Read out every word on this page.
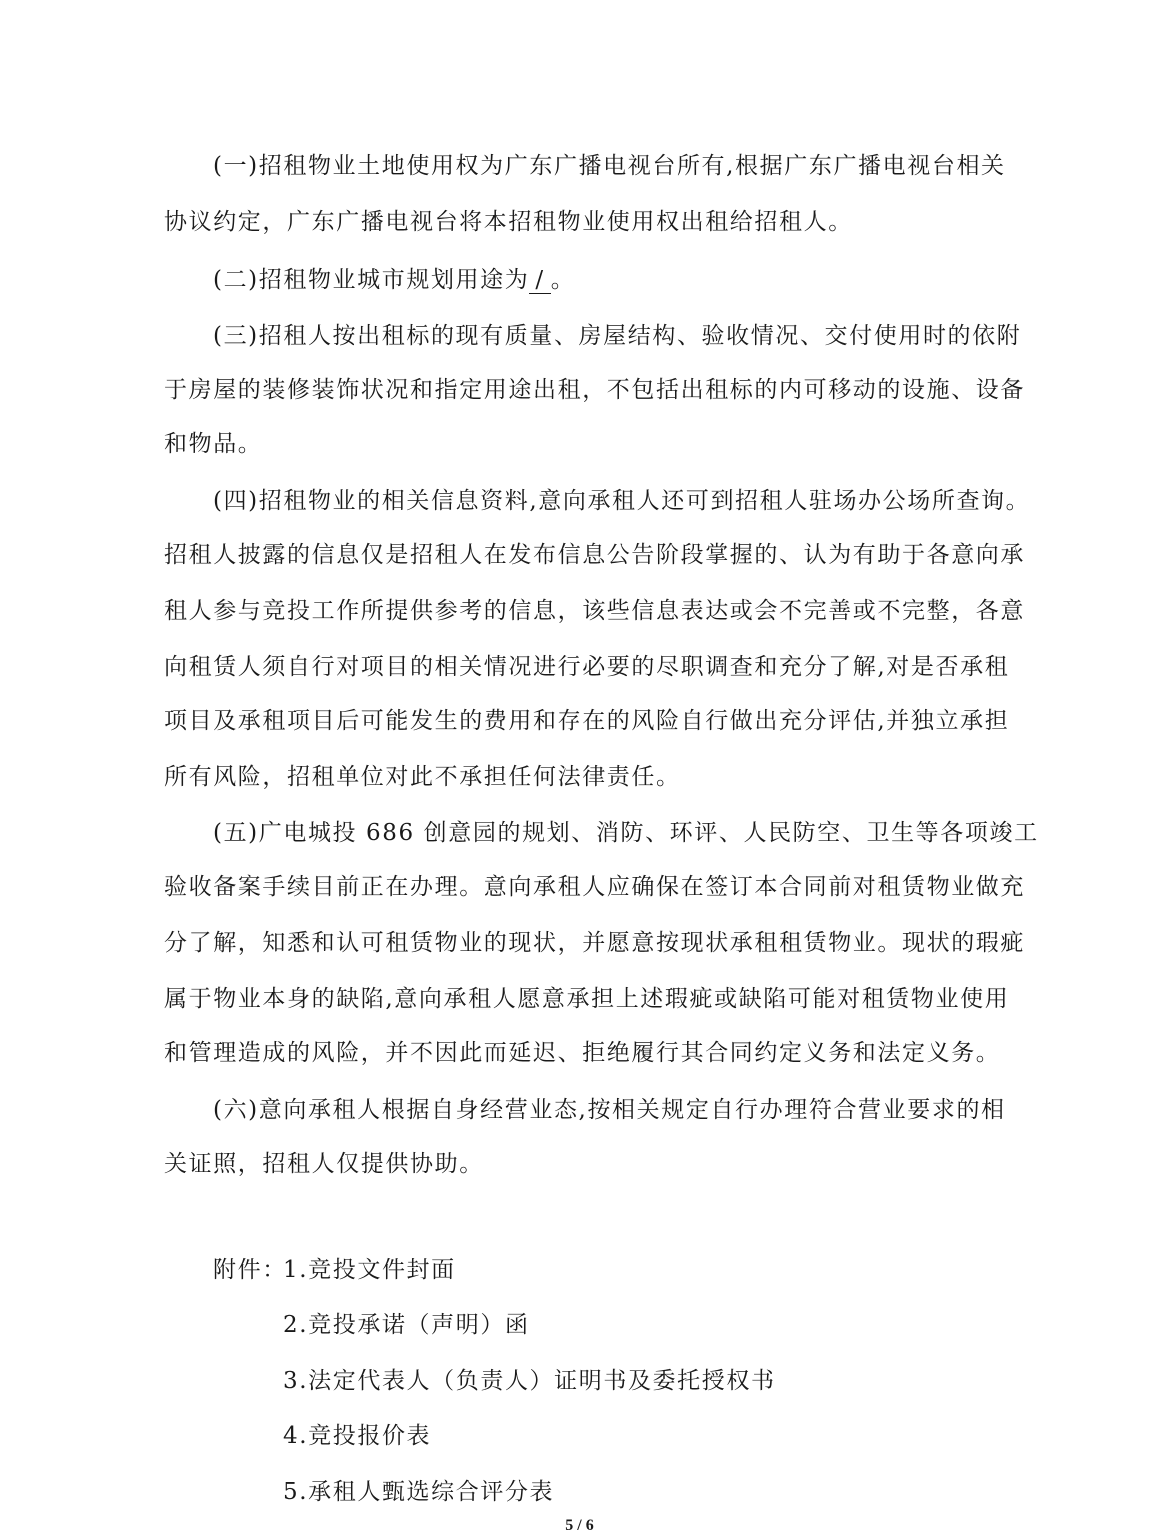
(一)招租物业土地使用权为广东广播电视台所有,根据广东广播电视台相关
协议约定，广东广播电视台将本招租物业使用权出租给招租人。
(二)招租物业城市规划用途为 / 。
(三)招租人按出租标的现有质量、房屋结构、验收情况、交付使用时的依附
于房屋的装修装饰状况和指定用途出租，不包括出租标的内可移动的设施、设备
和物品。
(四)招租物业的相关信息资料,意向承租人还可到招租人驻场办公场所查询。
招租人披露的信息仅是招租人在发布信息公告阶段掌握的、认为有助于各意向承
租人参与竞投工作所提供参考的信息，该些信息表达或会不完善或不完整，各意
向租赁人须自行对项目的相关情况进行必要的尽职调查和充分了解,对是否承租
项目及承租项目后可能发生的费用和存在的风险自行做出充分评估,并独立承担
所有风险，招租单位对此不承担任何法律责任。
(五)广电城投 686 创意园的规划、消防、环评、人民防空、卫生等各项竣工
验收备案手续目前正在办理。意向承租人应确保在签订本合同前对租赁物业做充
分了解，知悉和认可租赁物业的现状，并愿意按现状承租租赁物业。现状的瑕疵
属于物业本身的缺陷,意向承租人愿意承担上述瑕疵或缺陷可能对租赁物业使用
和管理造成的风险，并不因此而延迟、拒绝履行其合同约定义务和法定义务。
(六)意向承租人根据自身经营业态,按相关规定自行办理符合营业要求的相
关证照，招租人仅提供协助。
附件：
1.竞投文件封面
2.竞投承诺（声明）函
3.法定代表人（负责人）证明书及委托授权书
4.竞投报价表
5.承租人甄选综合评分表
5 / 6
